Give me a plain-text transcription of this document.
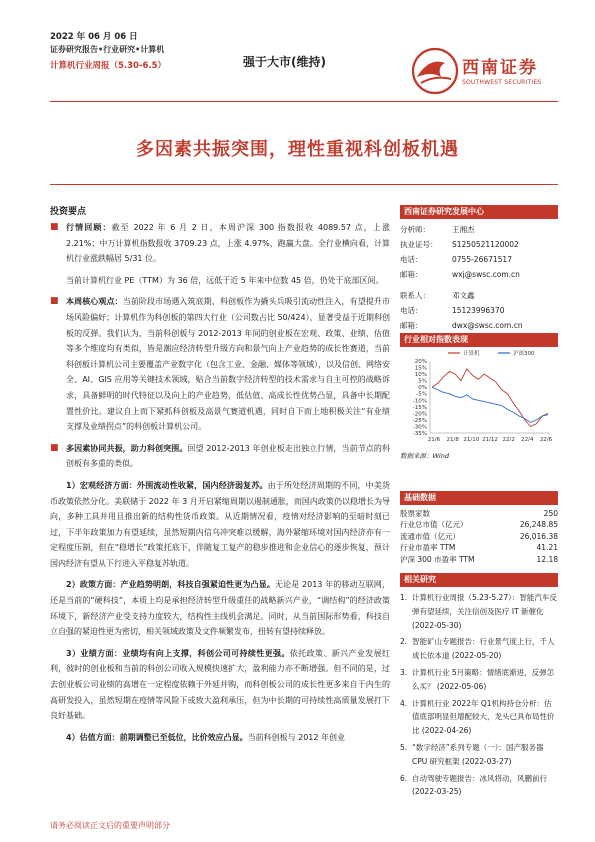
2022 年 06 月 06 日
证券研究报告•行业研究•计算机
计算机行业周报（5.30-6.5）	强于大市(维持)	西南证券
SOUTHWEST SECURITIES
多因素共振突围，理性重视科创板机遇
投资要点

■ 行情回顾：截至 2022 年 6 月 2 日，本周沪深 300 指数报收 4089.57 点，上涨 2.21%；中万计算机指数报收 3709.23 点，上涨 4.97%，跑赢大盘。全行业横向看，计算机行业涨跌幅居 5/31 位。

当前计算机行业 PE（TTM）为 36 倍，远低于近 5 年来中位数 45 倍，仍处于底部区间。

■ 本周核心观点：当前阶段市场遇入筑底期，科创板作为撬头兵吸引流动性注入，有望提升市场风险偏好；计算机作为科创板的第四大行业（公司数占比 50/424），显著受益于近期科创板的反弹。我们认为，当前科创板与 2012-2013 年间的创业板在宏观、政策、业绩、估值等多个维度均有类似，皆是潮应经济转型升级方向和景气向上产业趋势的成长性赛道，当前科创板计算机公司主要覆盖产业数字化（包含工业、金融、媒体等领域），以及信创、网络安全、AI、GIS 应用等关键技术领域，贴合当前数字经济转型的技术需求与自主可控的战略诉求，具备鲜明的时代特征以及向上的产业趋势，低估值、高成长性优势凸显，具备中长期配置性价比。建议自上而下紧抓科创板及高景气赛道机遇，同时自下而上地积极关注“有业绩支撑及业绩拐点”的科创板计算机公司。

■ 多因素协同共振，助力科创突围。回望 2012-2013 年创业板走出独立行情，当前节点的科创板有多重的类似。

1）宏观经济方面：外围流动性收紧，国内经济弱复苏。由于所处经济周期的不同，中美货币政策依然分化。美联储于 2022 年 3 月开启紧缩周期以遏制通胀，而国内政策仍以稳增长为导向，多种工具并用且推出新的结构性货币政策。从近期情况看，疫情对经济影响的至暗时刻已过，下半年政策加力有望延续，虽然短期内信乌冲突难以缓解，海外紧缩环境对国内经济亦有一定程度压制，但在“稳增长”政策托底下，伴随复工复产的稳步推进和企业信心的逐步恢复，预计国内经济有望从下行进入平稳复苏轨道。

2）政策方面：产业趋势明朗，科技自强紧迫性更为凸显。无论是 2013 年的移动互联网，还是当前的“硬科技”，本质上均是承担经济转型升级重任的战略新兴产业，“调结构”的经济政策环境下，新经济产业受支持力度较大，结构性主线机会满足。同时，从当前国际形势看，科技自立自强的紧迫性更为密切，相关领域政策及文件频繁发布，扭转有望持续释放。

3）业绩方面：业绩均有向上支撑，科创公司可持续性更强。依托政策、新兴产业发展红利，彼时的创业板和当前的科创公司收入规模快速扩大，盈利能力亦不断增强。但不同的是，过去创业板公司业绩的高增在一定程度依赖于外延并购，而科创板公司的成长性更多来自于内生的高研发投入，虽然短期在疫情等风险下或致大盈利承压，但为中长期的可持续性高质量发展打下良好基础。

4）估值方面：前期调整已至低位，比价效应凸显。当前科创板与 2012 年创业

西南证券研究发展中心
分析师：	王湘杰
执业证号： S1250521120002
电话：	0755-26671517
邮箱：	wxj@swsc.com.cn
联系人：	邓文鑫
电话：	15123996370
邮箱：	dwx@swsc.com.cn
行业相对指数表现
20%
15%
10%
5%
0%
-5%
-10%
-15%
-20%
-25%
-30%
-35%
21/6 21/8 21/10 21/12 22/2 22/4 22/6
计算机	沪深300
数据来源：Wind
基础数据
股票家数	250
行业总市值（亿元）	26,248.85
流通市值（亿元）	26,016.38
行业市盈率 TTM	41.21
沪深 300 市盈率 TTM	12.18
相关研究
1. 计算机行业周报（5.23-5.27）：智能汽车反弹有望延续，关注信创及医疗 IT 新催化 (2022-05-30)
2. 智能矿山专题报告：行业景气度上行，千人成长依本道 (2022-05-20)
3. 计算机行业 5月策略：情绪底渐进，反弹怎么买？ (2022-05-06)
4. 计算机行业 2022年 Q1机构持仓分析：估值底部明显但增配较大，龙头已具布局性价比 (2022-04-26)
5. “数字经济”系列专题（一）：国产服务器 CPU 研究框架 (2022-03-27)
6. 自动驾驶专题报告：冰风将动，风鹏前行 (2022-03-25)
请务必阅读正文后的重要声明部分
